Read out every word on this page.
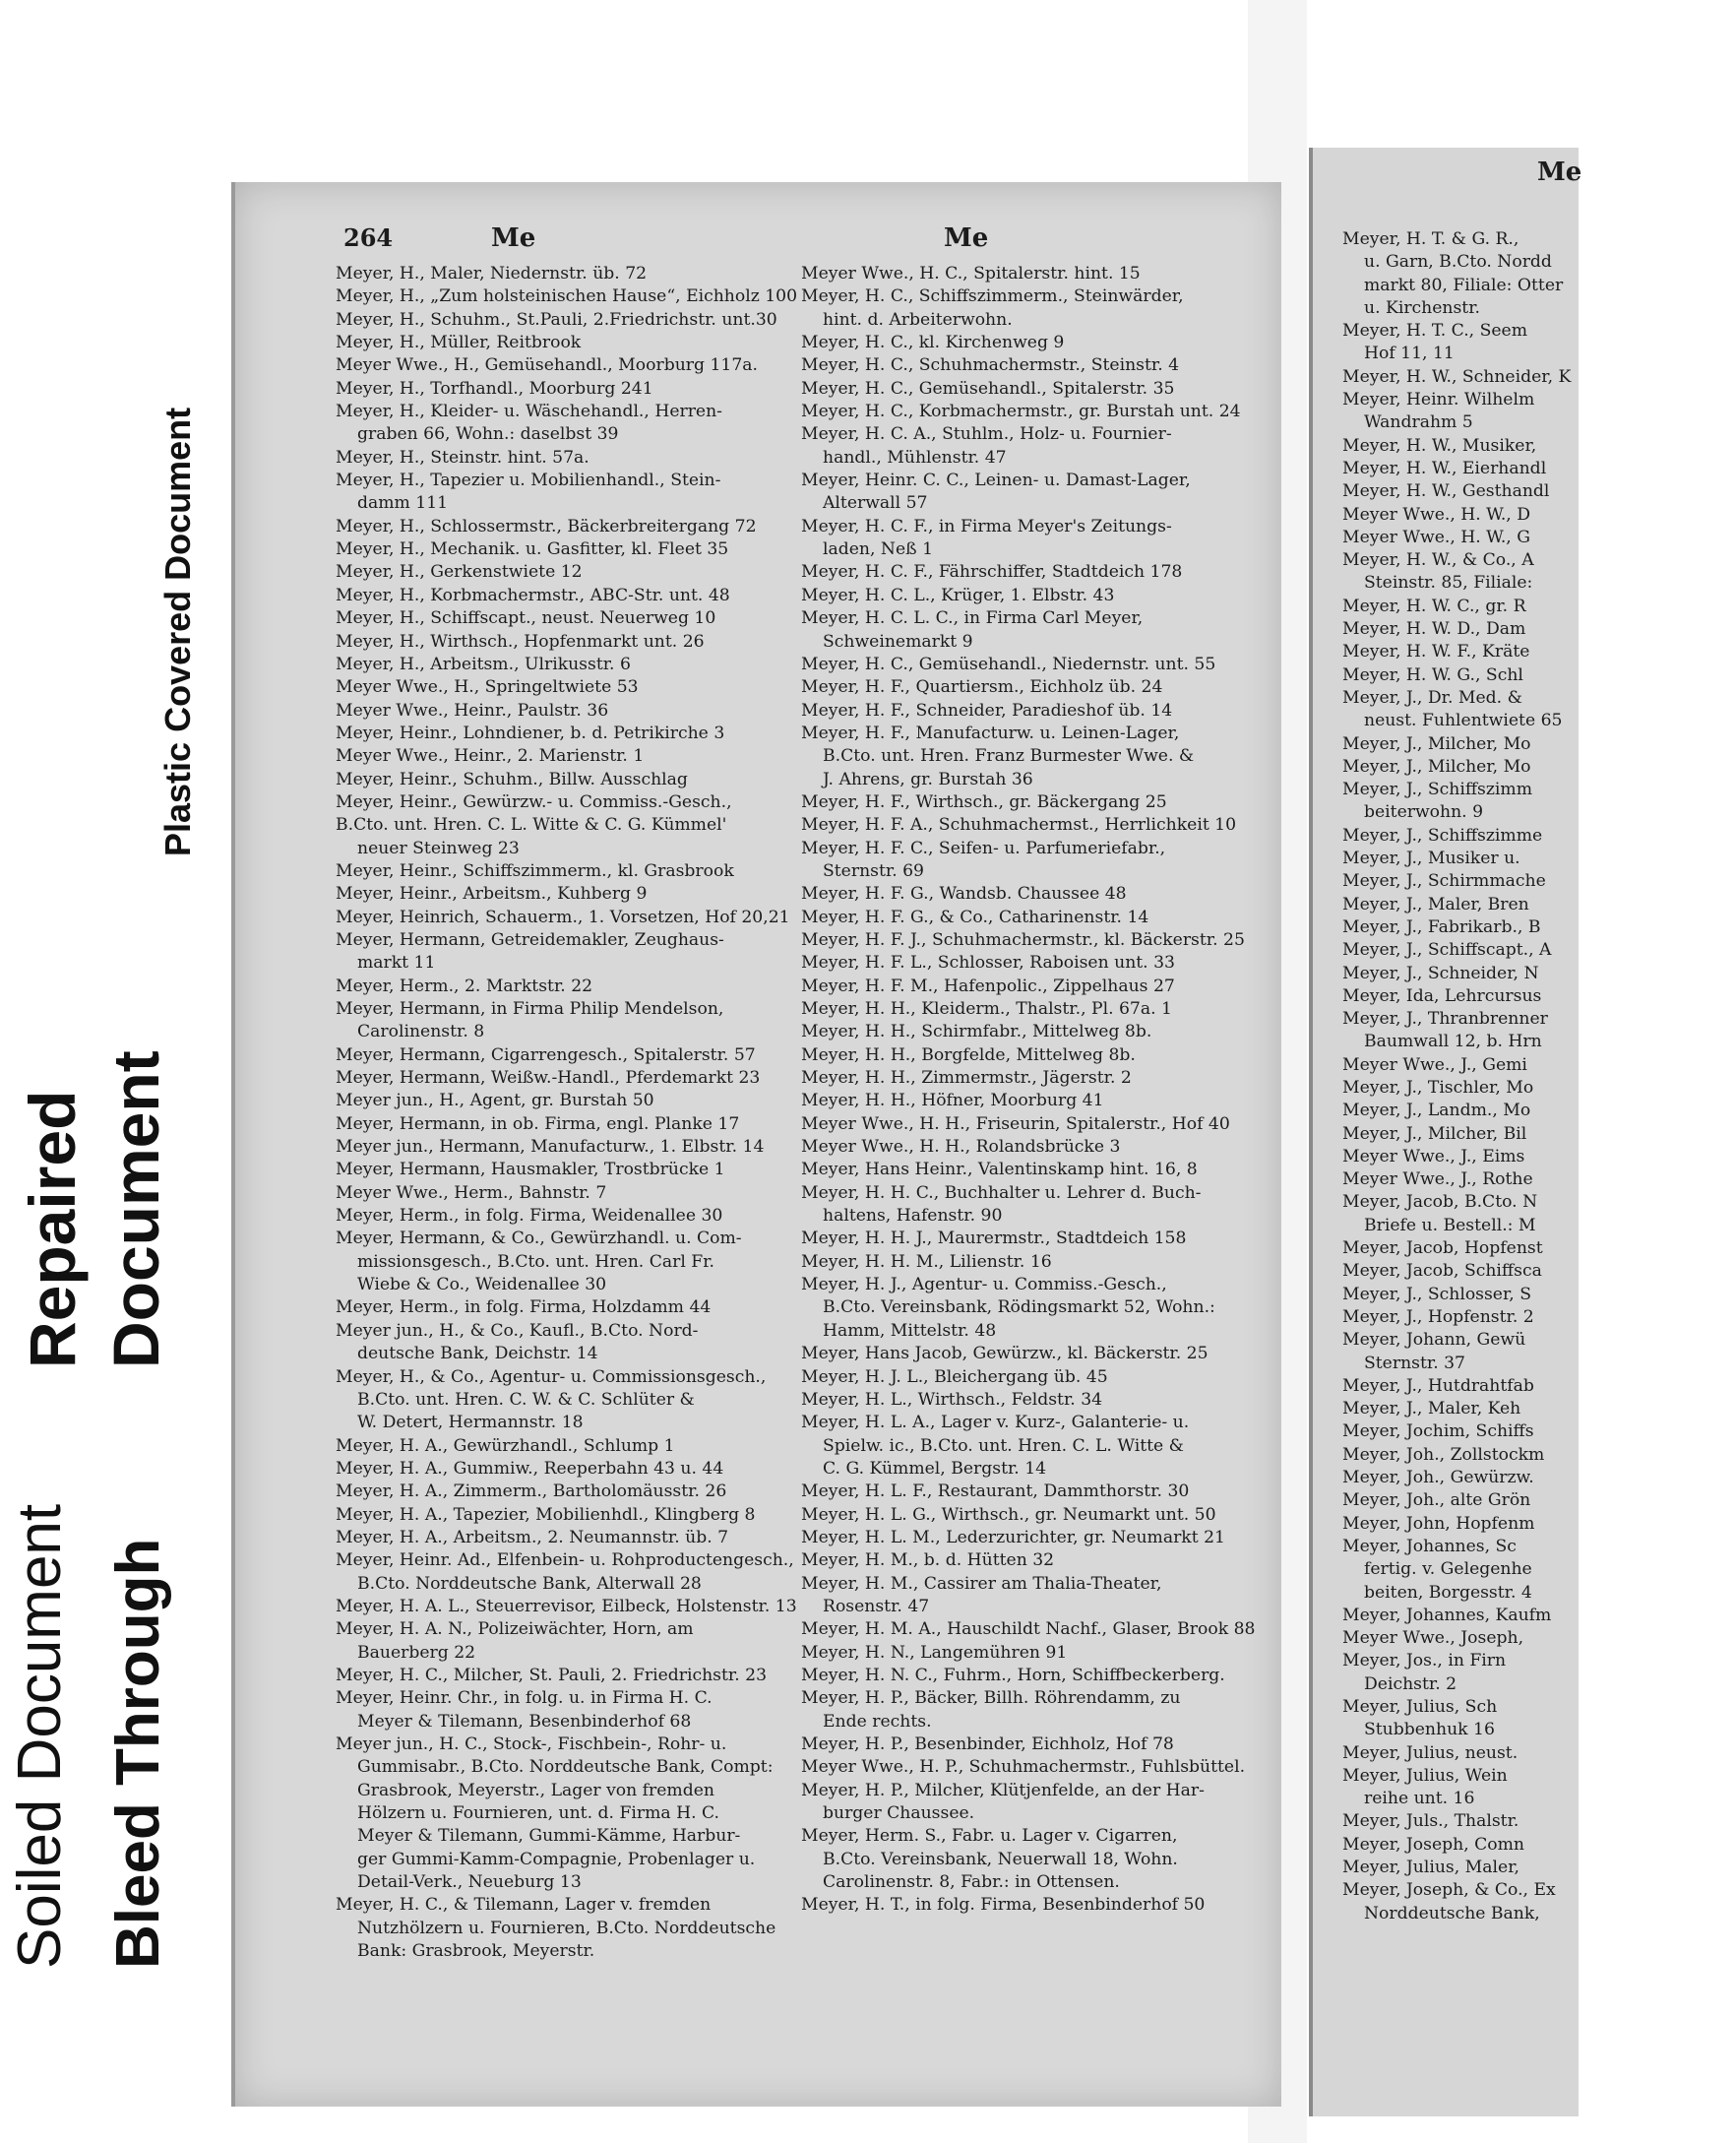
Plastic Covered Document
Repaired Document
Soiled Document Bleed Through
264	Me	Me
Meyer, H., Maler, Niedernstr. üb. 72
Meyer, H., „Zum holsteinischen Hause“, Eichholz 100
Meyer, H., Schuhm., St.Pauli, 2.Friedrichstr. unt.30
Meyer, H., Müller, Reitbrook
Meyer Wwe., H., Gemüsehandl., Moorburg 117a.
Meyer, H., Torfhandl., Moorburg 241
Meyer, H., Kleider- u. Wäschehandl., Herren-
graben 66, Wohn.: daselbst 39
Meyer, H., Steinstr. hint. 57a.
Meyer, H., Tapezier u. Mobilienhandl., Stein-
damm 111
Meyer, H., Schlossermstr., Bäckerbreitergang 72
Meyer, H., Mechanik. u. Gasfitter, kl. Fleet 35
Meyer, H., Gerkenstwiete 12
Meyer, H., Korbmachermstr., ABC-Str. unt. 48
Meyer, H., Schiffscapt., neust. Neuerweg 10
Meyer, H., Wirthsch., Hopfenmarkt unt. 26
Meyer, H., Arbeitsm., Ulrikusstr. 6
Meyer Wwe., H., Springeltwiete 53
Meyer Wwe., Heinr., Paulstr. 36
Meyer, Heinr., Lohndiener, b. d. Petrikirche 3
Meyer Wwe., Heinr., 2. Marienstr. 1
Meyer, Heinr., Schuhm., Billw. Ausschlag
Meyer, Heinr., Gewürzw.- u. Commiss.-Gesch.,
B.Cto. unt. Hren. C. L. Witte & C. G. Kümmel'
neuer Steinweg 23
Meyer, Heinr., Schiffszimmerm., kl. Grasbrook
Meyer, Heinr., Arbeitsm., Kuhberg 9
Meyer, Heinrich, Schauerm., 1. Vorsetzen, Hof 20,21
Meyer, Hermann, Getreidemakler, Zeughaus-
markt 11
Meyer, Herm., 2. Marktstr. 22
Meyer, Hermann, in Firma Philip Mendelson,
Carolinenstr. 8
Meyer, Hermann, Cigarrengesch., Spitalerstr. 57
Meyer, Hermann, Weißw.-Handl., Pferdemarkt 23
Meyer jun., H., Agent, gr. Burstah 50
Meyer, Hermann, in ob. Firma, engl. Planke 17
Meyer jun., Hermann, Manufacturw., 1. Elbstr. 14
Meyer, Hermann, Hausmakler, Trostbrücke 1
Meyer Wwe., Herm., Bahnstr. 7
Meyer, Herm., in folg. Firma, Weidenallee 30
Meyer, Hermann, & Co., Gewürzhandl. u. Com-
missionsgesch., B.Cto. unt. Hren. Carl Fr.
Wiebe & Co., Weidenallee 30
Meyer, Herm., in folg. Firma, Holzdamm 44
Meyer jun., H., & Co., Kaufl., B.Cto. Nord-
deutsche Bank, Deichstr. 14
Meyer, H., & Co., Agentur- u. Commissionsgesch.,
B.Cto. unt. Hren. C. W. & C. Schlüter &
W. Detert, Hermannstr. 18
Meyer, H. A., Gewürzhandl., Schlump 1
Meyer, H. A., Gummiw., Reeperbahn 43 u. 44
Meyer, H. A., Zimmerm., Bartholomäusstr. 26
Meyer, H. A., Tapezier, Mobilienhdl., Klingberg 8
Meyer, H. A., Arbeitsm., 2. Neumannstr. üb. 7
Meyer, Heinr. Ad., Elfenbein- u. Rohproductengesch.,
B.Cto. Norddeutsche Bank, Alterwall 28
Meyer, H. A. L., Steuerrevisor, Eilbeck, Holstenstr. 13
Meyer, H. A. N., Polizeiwächter, Horn, am
Bauerberg 22
Meyer, H. C., Milcher, St. Pauli, 2. Friedrichstr. 23
Meyer, Heinr. Chr., in folg. u. in Firma H. C.
Meyer & Tilemann, Besenbinderhof 68
Meyer jun., H. C., Stock-, Fischbein-, Rohr- u.
Gummisabr., B.Cto. Norddeutsche Bank, Compt:
Grasbrook, Meyerstr., Lager von fremden
Hölzern u. Fournieren, unt. d. Firma H. C.
Meyer & Tilemann, Gummi-Kämme, Harbur-
ger Gummi-Kamm-Compagnie, Probenlager u.
Detail-Verk., Neueburg 13
Meyer, H. C., & Tilemann, Lager v. fremden
Nutzhölzern u. Fournieren, B.Cto. Norddeutsche
Bank: Grasbrook, Meyerstr.
Meyer Wwe., H. C., Spitalerstr. hint. 15
Meyer, H. C., Schiffszimmerm., Steinwärder,
hint. d. Arbeiterwohn.
Meyer, H. C., kl. Kirchenweg 9
Meyer, H. C., Schuhmachermstr., Steinstr. 4
Meyer, H. C., Gemüsehandl., Spitalerstr. 35
Meyer, H. C., Korbmachermstr., gr. Burstah unt. 24
Meyer, H. C. A., Stuhlm., Holz- u. Fournier-
handl., Mühlenstr. 47
Meyer, Heinr. C. C., Leinen- u. Damast-Lager,
Alterwall 57
Meyer, H. C. F., in Firma Meyer's Zeitungs-
laden, Neß 1
Meyer, H. C. F., Fährschiffer, Stadtdeich 178
Meyer, H. C. L., Krüger, 1. Elbstr. 43
Meyer, H. C. L. C., in Firma Carl Meyer,
Schweinemarkt 9
Meyer, H. C., Gemüsehandl., Niedernstr. unt. 55
Meyer, H. F., Quartiersm., Eichholz üb. 24
Meyer, H. F., Schneider, Paradieshof üb. 14
Meyer, H. F., Manufacturw. u. Leinen-Lager,
B.Cto. unt. Hren. Franz Burmester Wwe. &
J. Ahrens, gr. Burstah 36
Meyer, H. F., Wirthsch., gr. Bäckergang 25
Meyer, H. F. A., Schuhmachermst., Herrlichkeit 10
Meyer, H. F. C., Seifen- u. Parfumeriefabr.,
Sternstr. 69
Meyer, H. F. G., Wandsb. Chaussee 48
Meyer, H. F. G., & Co., Catharinenstr. 14
Meyer, H. F. J., Schuhmachermstr., kl. Bäckerstr. 25
Meyer, H. F. L., Schlosser, Raboisen unt. 33
Meyer, H. F. M., Hafenpolic., Zippelhaus 27
Meyer, H. H., Kleiderm., Thalstr., Pl. 67a. 1
Meyer, H. H., Schirmfabr., Mittelweg 8b.
Meyer, H. H., Borgfelde, Mittelweg 8b.
Meyer, H. H., Zimmermstr., Jägerstr. 2
Meyer, H. H., Höfner, Moorburg 41
Meyer Wwe., H. H., Friseurin, Spitalerstr., Hof 40
Meyer Wwe., H. H., Rolandsbrücke 3
Meyer, Hans Heinr., Valentinskamp hint. 16, 8
Meyer, H. H. C., Buchhalter u. Lehrer d. Buch-
haltens, Hafenstr. 90
Meyer, H. H. J., Maurermstr., Stadtdeich 158
Meyer, H. H. M., Lilienstr. 16
Meyer, H. J., Agentur- u. Commiss.-Gesch.,
B.Cto. Vereinsbank, Rödingsmarkt 52, Wohn.:
Hamm, Mittelstr. 48
Meyer, Hans Jacob, Gewürzw., kl. Bäckerstr. 25
Meyer, H. J. L., Bleichergang üb. 45
Meyer, H. L., Wirthsch., Feldstr. 34
Meyer, H. L. A., Lager v. Kurz-, Galanterie- u.
Spielw. ic., B.Cto. unt. Hren. C. L. Witte &
C. G. Kümmel, Bergstr. 14
Meyer, H. L. F., Restaurant, Dammthorstr. 30
Meyer, H. L. G., Wirthsch., gr. Neumarkt unt. 50
Meyer, H. L. M., Lederzurichter, gr. Neumarkt 21
Meyer, H. M., b. d. Hütten 32
Meyer, H. M., Cassirer am Thalia-Theater,
Rosenstr. 47
Meyer, H. M. A., Hauschildt Nachf., Glaser, Brook 88
Meyer, H. N., Langemühren 91
Meyer, H. N. C., Fuhrm., Horn, Schiffbeckerberg.
Meyer, H. P., Bäcker, Billh. Röhrendamm, zu
Ende rechts.
Meyer, H. P., Besenbinder, Eichholz, Hof 78
Meyer Wwe., H. P., Schuhmachermstr., Fuhlsbüttel.
Meyer, H. P., Milcher, Klütjenfelde, an der Har-
burger Chaussee.
Meyer, Herm. S., Fabr. u. Lager v. Cigarren,
B.Cto. Vereinsbank, Neuerwall 18, Wohn.
Carolinenstr. 8, Fabr.: in Ottensen.
Meyer, H. T., in folg. Firma, Besenbinderhof 50
Me
Meyer, H. T. & G. R.,
u. Garn, B.Cto. Nordd
markt 80, Filiale: Otter
u. Kirchenstr.
Meyer, H. T. C., Seem
Hof 11, 11
Meyer, H. W., Schneider, K
Meyer, Heinr. Wilhelm
Wandrahm 5
Meyer, H. W., Musiker,
Meyer, H. W., Eierhandl
Meyer, H. W., Gesthandl
Meyer Wwe., H. W., D
Meyer Wwe., H. W., G
Meyer, H. W., & Co., A
Steinstr. 85, Filiale:
Meyer, H. W. C., gr. R
Meyer, H. W. D., Dam
Meyer, H. W. F., Kräte
Meyer, H. W. G., Schl
Meyer, J., Dr. Med. &
neust. Fuhlentwiete 65
Meyer, J., Milcher, Mo
Meyer, J., Milcher, Mo
Meyer, J., Schiffszimm
beiterwohn. 9
Meyer, J., Schiffszimme
Meyer, J., Musiker u.
Meyer, J., Schirmmache
Meyer, J., Maler, Bren
Meyer, J., Fabrikarb., B
Meyer, J., Schiffscapt., A
Meyer, J., Schneider, N
Meyer, Ida, Lehrcursus
Meyer, J., Thranbrenner
Baumwall 12, b. Hrn
Meyer Wwe., J., Gemi
Meyer, J., Tischler, Mo
Meyer, J., Landm., Mo
Meyer, J., Milcher, Bil
Meyer Wwe., J., Eims
Meyer Wwe., J., Rothe
Meyer, Jacob, B.Cto. N
Briefe u. Bestell.: M
Meyer, Jacob, Hopfenst
Meyer, Jacob, Schiffsca
Meyer, J., Schlosser, S
Meyer, J., Hopfenstr. 2
Meyer, Johann, Gewü
Sternstr. 37
Meyer, J., Hutdrahtfab
Meyer, J., Maler, Keh
Meyer, Jochim, Schiffs
Meyer, Joh., Zollstockm
Meyer, Joh., Gewürzw.
Meyer, Joh., alte Grön
Meyer, John, Hopfenm
Meyer, Johannes, Sc
fertig. v. Gelegenhe
beiten, Borgesstr. 4
Meyer, Johannes, Kaufm
Meyer Wwe., Joseph,
Meyer, Jos., in Firn
Deichstr. 2
Meyer, Julius, Sch
Stubbenhuk 16
Meyer, Julius, neust.
Meyer, Julius, Wein
reihe unt. 16
Meyer, Juls., Thalstr.
Meyer, Joseph, Comn
Meyer, Julius, Maler,
Meyer, Joseph, & Co., Ex
Norddeutsche Bank,
